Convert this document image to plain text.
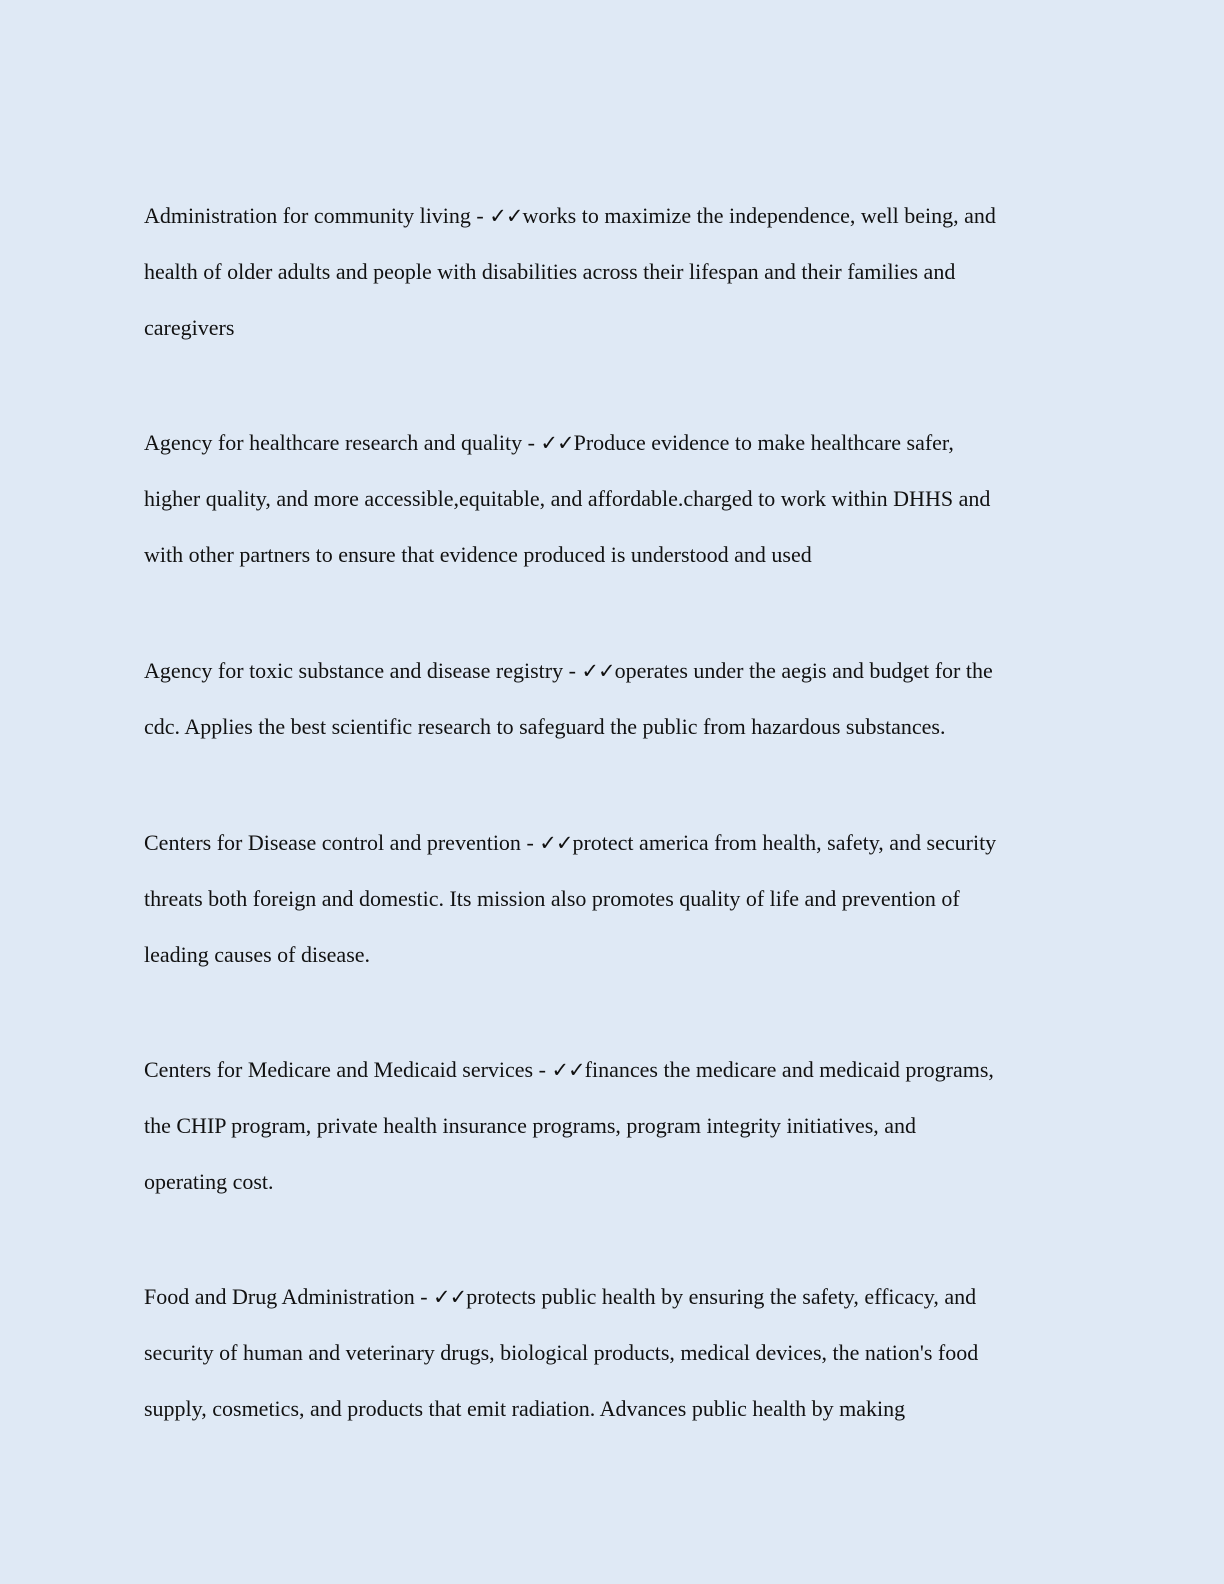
Administration for community living - ✓✓works to maximize the independence, well being, and

health of older adults and people with disabilities across their lifespan and their families and

caregivers

Agency for healthcare research and quality - ✓✓Produce evidence to make healthcare safer,

higher quality, and more accessible,equitable, and affordable.charged to work within DHHS and

with other partners to ensure that evidence produced is understood and used

Agency for toxic substance and disease registry - ✓✓operates under the aegis and budget for the

cdc. Applies the best scientific research to safeguard the public from hazardous substances.

Centers for Disease control and prevention - ✓✓protect america from health, safety, and security

threats both foreign and domestic. Its mission also promotes quality of life and prevention of

leading causes of disease.

Centers for Medicare and Medicaid services - ✓✓finances the medicare and medicaid programs,

the CHIP program, private health insurance programs, program integrity initiatives, and

operating cost.

Food and Drug Administration - ✓✓protects public health by ensuring the safety, efficacy, and

security of human and veterinary drugs, biological products, medical devices, the nation's food

supply, cosmetics, and products that emit radiation. Advances public health by making
